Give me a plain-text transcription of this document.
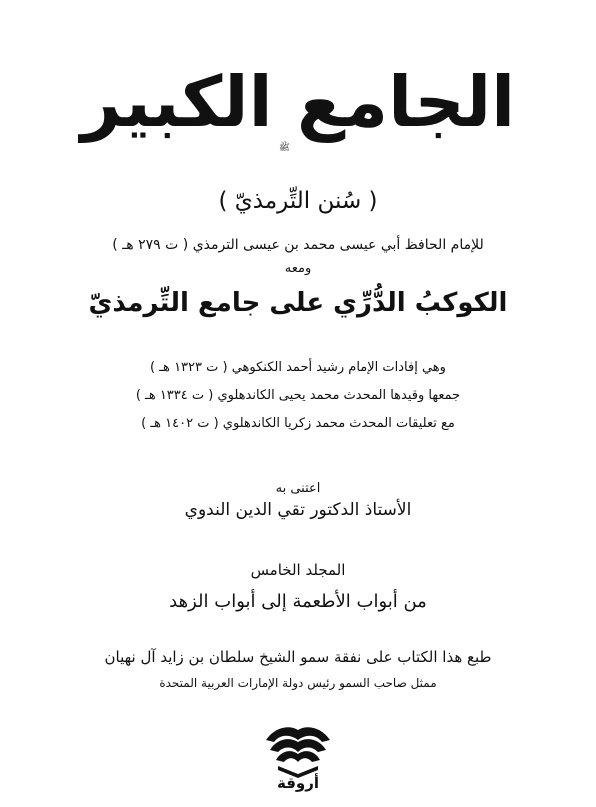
الجامع الكبير
ﷺ
( سُنن التِّرمذيّ )
للإمام الحافظ أبي عيسى محمد بن عيسى الترمذي ( ت ٢٧٩ هـ )
ومعه
الكوكبُ الدُّرِّي على جامع التِّرمذيّ
وهي إفادات الإمام رشيد أحمد الكنكوهي ( ت ١٣٢٣ هـ )
جمعها وقيدها المحدث محمد يحيى الكاندهلوي ( ت ١٣٣٤ هـ )
مع تعليقات المحدث محمد زكريا الكاندهلوي ( ت ١٤٠٢ هـ )
اعتنى به
الأستاذ الدكتور تقي الدين الندوي
المجلد الخامس
من أبواب الأطعمة إلى أبواب الزهد
طبع هذا الكتاب على نفقة سمو الشيخ سلطان بن زايد آل نهيان
ممثل صاحب السمو رئيس دولة الإمارات العربية المتحدة
أروقة
